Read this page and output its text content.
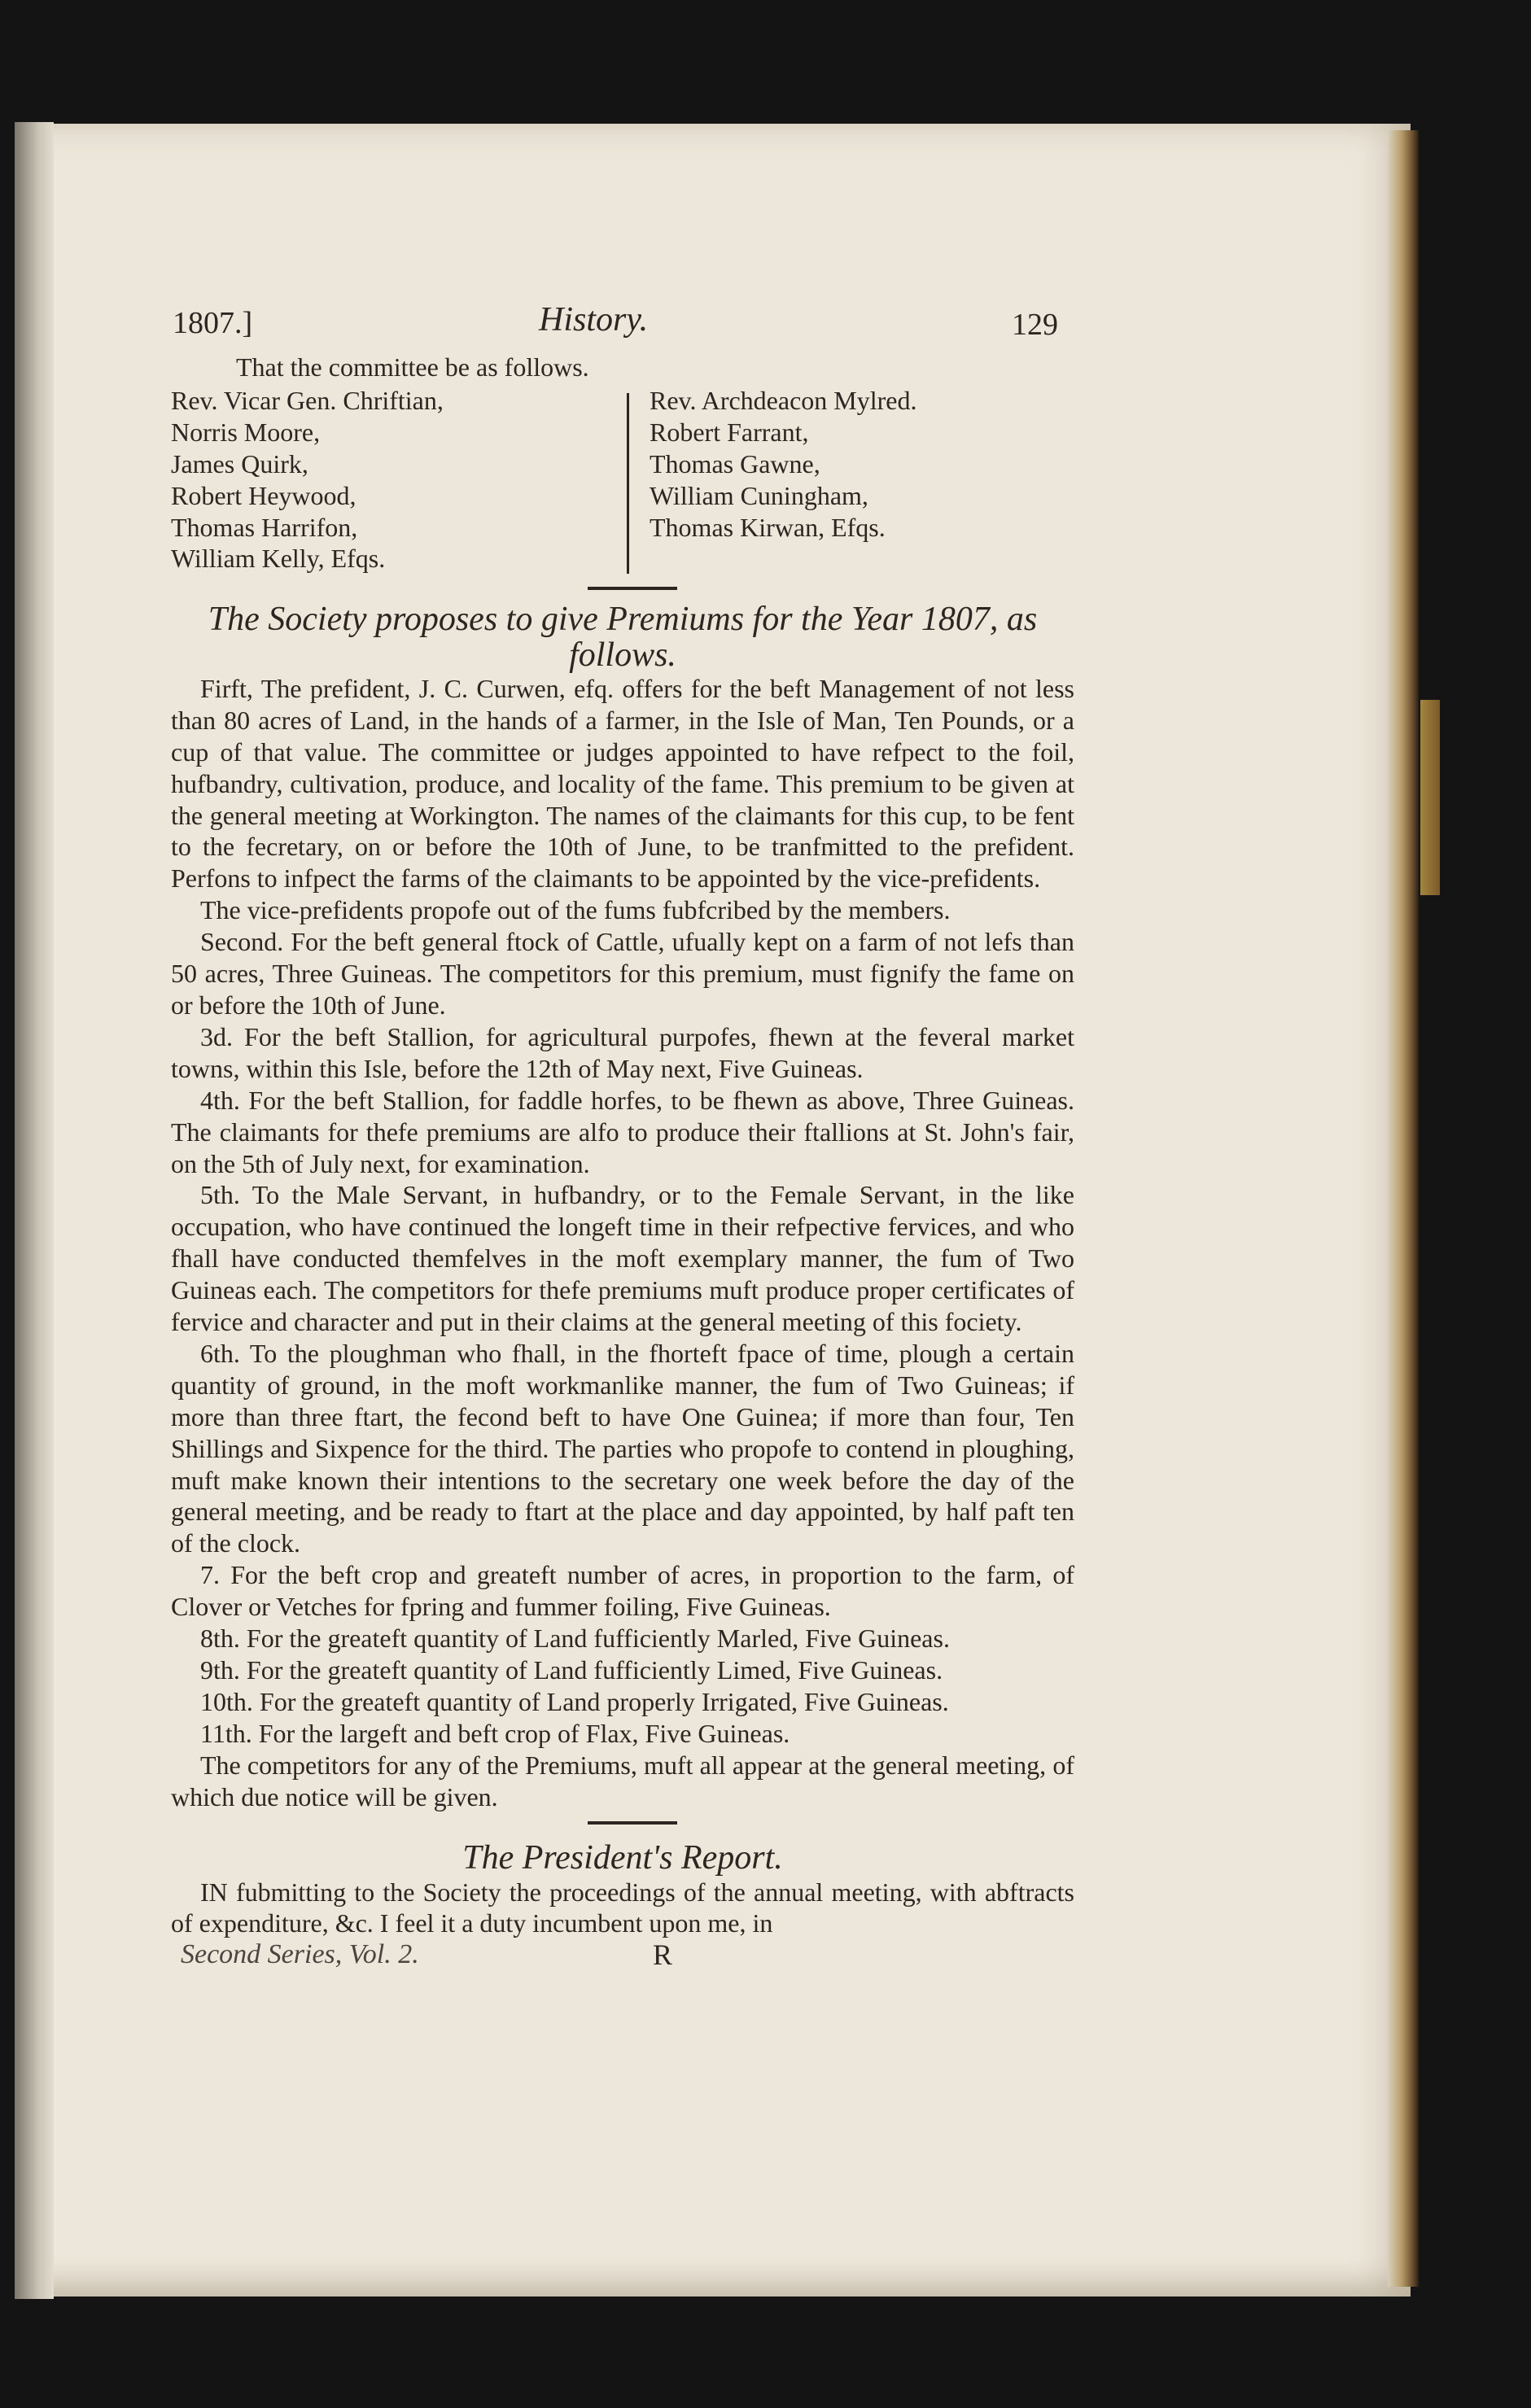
1807.]	History.	129
That the committee be as follows.
Rev. Vicar Gen. Chriftian,
Norris Moore,
James Quirk,
Robert Heywood,
Thomas Harrifon,
William Kelly, Efqs.
Rev. Archdeacon Mylred.
Robert Farrant,
Thomas Gawne,
William Cuningham,
Thomas Kirwan, Efqs.
The Society proposes to give Premiums for the Year 1807, as follows.

Firft, The prefident, J. C. Curwen, efq. offers for the beft Management of not less than 80 acres of Land, in the hands of a farmer, in the Isle of Man, Ten Pounds, or a cup of that value. The committee or judges appointed to have refpect to the foil, hufbandry, cultivation, produce, and locality of the fame. This premium to be given at the general meeting at Workington. The names of the claimants for this cup, to be fent to the fecretary, on or before the 10th of June, to be tranfmitted to the prefident. Perfons to infpect the farms of the claimants to be appointed by the vice-prefidents.

The vice-prefidents propofe out of the fums fubfcribed by the members.

Second. For the beft general ftock of Cattle, ufually kept on a farm of not lefs than 50 acres, Three Guineas. The competitors for this premium, must fignify the fame on or before the 10th of June.

3d. For the beft Stallion, for agricultural purpofes, fhewn at the feveral market towns, within this Isle, before the 12th of May next, Five Guineas.

4th. For the beft Stallion, for faddle horfes, to be fhewn as above, Three Guineas. The claimants for thefe premiums are alfo to produce their ftallions at St. John's fair, on the 5th of July next, for examination.

5th. To the Male Servant, in hufbandry, or to the Female Servant, in the like occupation, who have continued the longeft time in their refpective fervices, and who fhall have conducted themfelves in the moft exemplary manner, the fum of Two Guineas each. The competitors for thefe premiums muft produce proper certificates of fervice and character and put in their claims at the general meeting of this fociety.

6th. To the ploughman who fhall, in the fhorteft fpace of time, plough a certain quantity of ground, in the moft workmanlike manner, the fum of Two Guineas; if more than three ftart, the fecond beft to have One Guinea; if more than four, Ten Shillings and Sixpence for the third. The parties who propofe to contend in ploughing, muft make known their intentions to the secretary one week before the day of the general meeting, and be ready to ftart at the place and day appointed, by half paft ten of the clock.

7. For the beft crop and greateft number of acres, in proportion to the farm, of Clover or Vetches for fpring and fummer foiling, Five Guineas.

8th. For the greateft quantity of Land fufficiently Marled, Five Guineas.

9th. For the greateft quantity of Land fufficiently Limed, Five Guineas.

10th. For the greateft quantity of Land properly Irrigated, Five Guineas.

11th. For the largeft and beft crop of Flax, Five Guineas.

The competitors for any of the Premiums, muft all appear at the general meeting, of which due notice will be given.

The President's Report.

IN fubmitting to the Society the proceedings of the annual meeting, with abftracts of expenditure, &c. I feel it a duty incumbent upon me, in

Second Series, Vol. 2.	R
